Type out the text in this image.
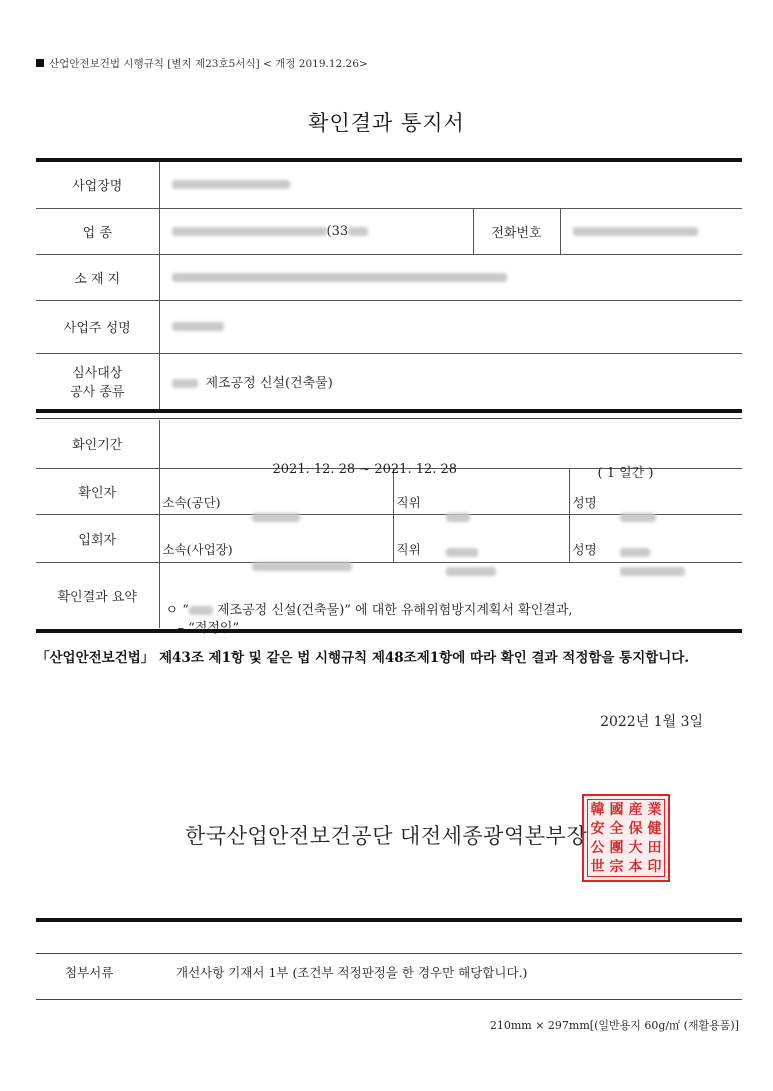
산업안전보건법 시행규칙 [별지 제23호5서식] < 개정 2019.12.26>
확인결과 통지서
사업장명			
업 종	(33	전화번호	
소 재 지			
사업주 성명			

심사대상
공사 종류	제조공정 신설(건축물)		
화인기간	2021. 12. 28 ~ 2021. 12. 28 ( 1 일간 )		

확인자	소속(공단)	직위	성명

입회자	소속(사업장)	직위	성명

확인결과 요약	ㅇ “ 제조공정 신설(건축물)” 에 대한 유해위험방지계획서 확인결과,		
「산업안전보건법」 제43조 제1항 및 같은 법 시행규칙 제48조제1항에 따라 확인 결과 적정함을 통지합니다.
2022년 1월 3일
한국산업안전보건공단 대전세종광역본부장
韓 國 産 業
安 全 保 健
公 團 大 田
世 宗 本 印
첨부서류	개선사항 기재서 1부 (조건부 적정판정을 한 경우만 해당합니다.)
210mm × 297mm[(일반용지 60g/㎡ (재활용품)]
